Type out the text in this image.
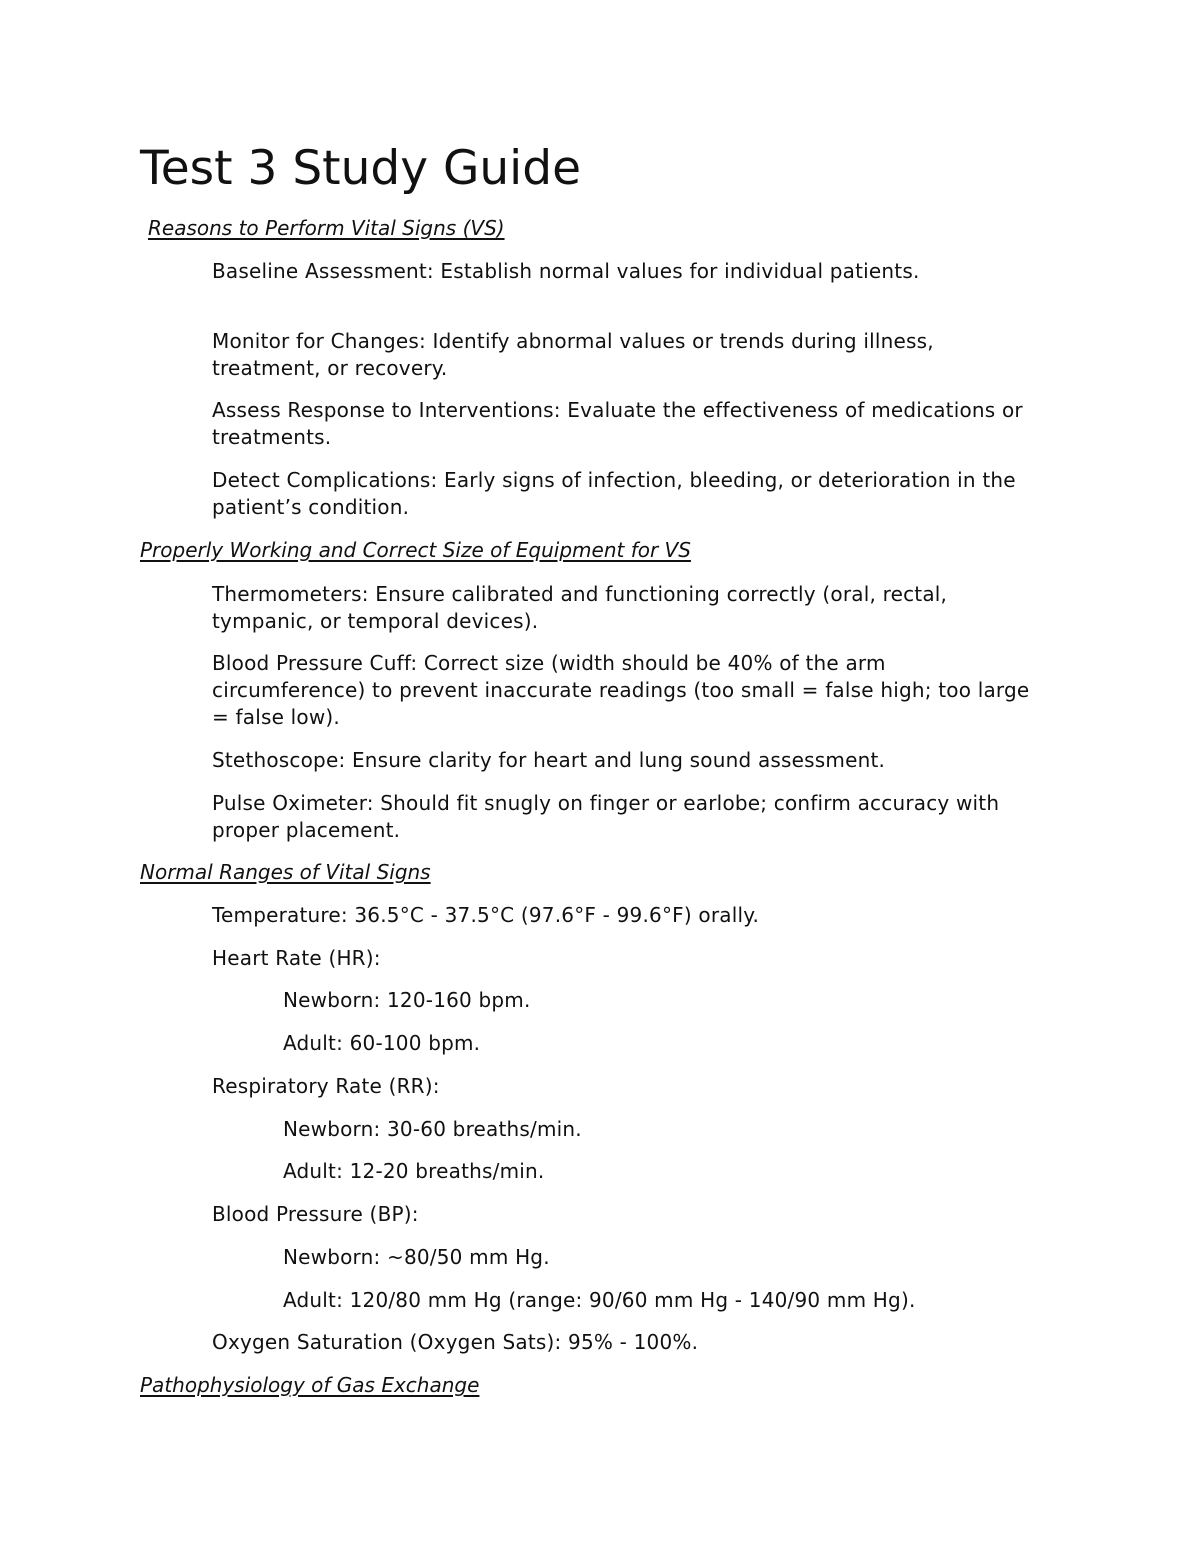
Test 3 Study Guide

Reasons to Perform Vital Signs (VS)

Baseline Assessment: Establish normal values for individual patients.

Monitor for Changes: Identify abnormal values or trends during illness, treatment, or recovery.

Assess Response to Interventions: Evaluate the effectiveness of medications or treatments.

Detect Complications: Early signs of infection, bleeding, or deterioration in the patient’s condition.

Properly Working and Correct Size of Equipment for VS

Thermometers: Ensure calibrated and functioning correctly (oral, rectal, tympanic, or temporal devices).

Blood Pressure Cuff: Correct size (width should be 40% of the arm circumference) to prevent inaccurate readings (too small = false high; too large = false low).

Stethoscope: Ensure clarity for heart and lung sound assessment.

Pulse Oximeter: Should fit snugly on finger or earlobe; confirm accuracy with proper placement.

Normal Ranges of Vital Signs

Temperature: 36.5°C - 37.5°C (97.6°F - 99.6°F) orally.

Heart Rate (HR):

Newborn: 120-160 bpm.

Adult: 60-100 bpm.

Respiratory Rate (RR):

Newborn: 30-60 breaths/min.

Adult: 12-20 breaths/min.

Blood Pressure (BP):

Newborn: ~80/50 mm Hg.

Adult: 120/80 mm Hg (range: 90/60 mm Hg - 140/90 mm Hg).

Oxygen Saturation (Oxygen Sats): 95% - 100%.

Pathophysiology of Gas Exchange
